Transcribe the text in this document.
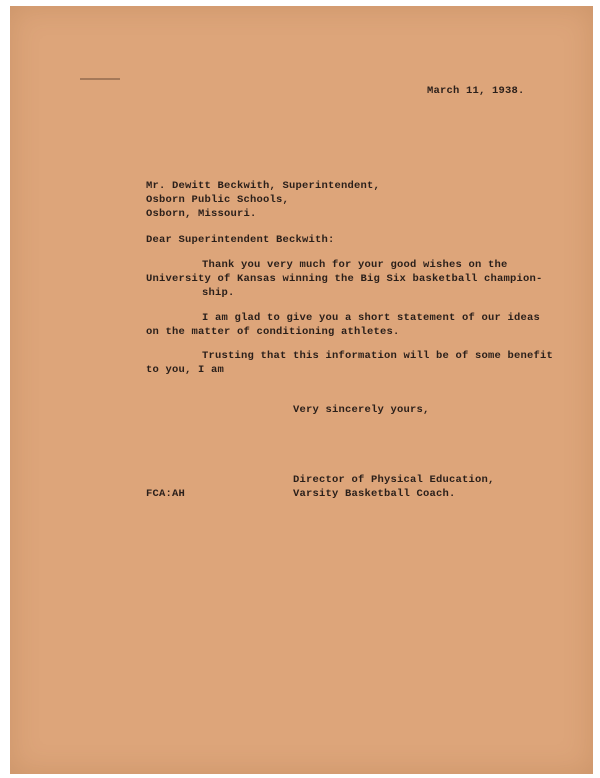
March 11, 1938.
Mr. Dewitt Beckwith, Superintendent,
Osborn Public Schools,
Osborn, Missouri.
Dear Superintendent Beckwith:
Thank you very much for your good wishes on the
University of Kansas winning the Big Six basketball champion-
ship.
I am glad to give you a short statement of our ideas
on the matter of conditioning athletes.
Trusting that this information will be of some benefit
to you, I am
Very sincerely yours,
Director of Physical Education,
Varsity Basketball Coach.
FCA:AH
